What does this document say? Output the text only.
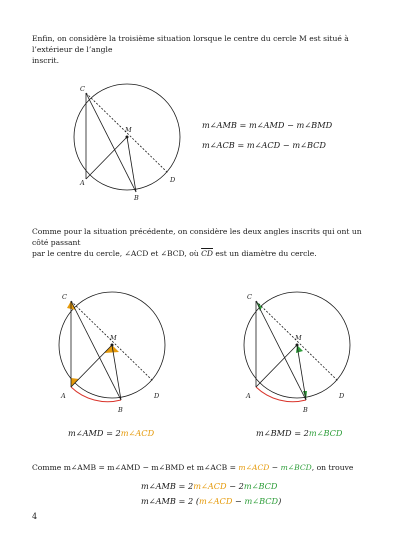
Enfin, on considère la troisième situation lorsque le centre du cercle M est situé à l’extérieur de l’angle
inscrit.
C
M
A
B
D
m∠AMB = m∠AMD − m∠BMD
m∠ACB = m∠ACD − m∠BCD
Comme pour la situation précédente, on considère les deux angles inscrits qui ont un côté passant
par le centre du cercle, ∠ACD et ∠BCD, où $\overline{CD}$ est un diamètre du cercle.
C
M
A
B
D
C
M
A
B
D
m∠AMD = 2m∠ACD	m∠BMD = 2m∠BCD
Comme m∠AMB = m∠AMD − m∠BMD et m∠ACB = m∠ACD − m∠BCD, on trouve
m∠AMB = 2m∠ACD − 2m∠BCD
m∠AMB = 2 (m∠ACD − m∠BCD)
4
